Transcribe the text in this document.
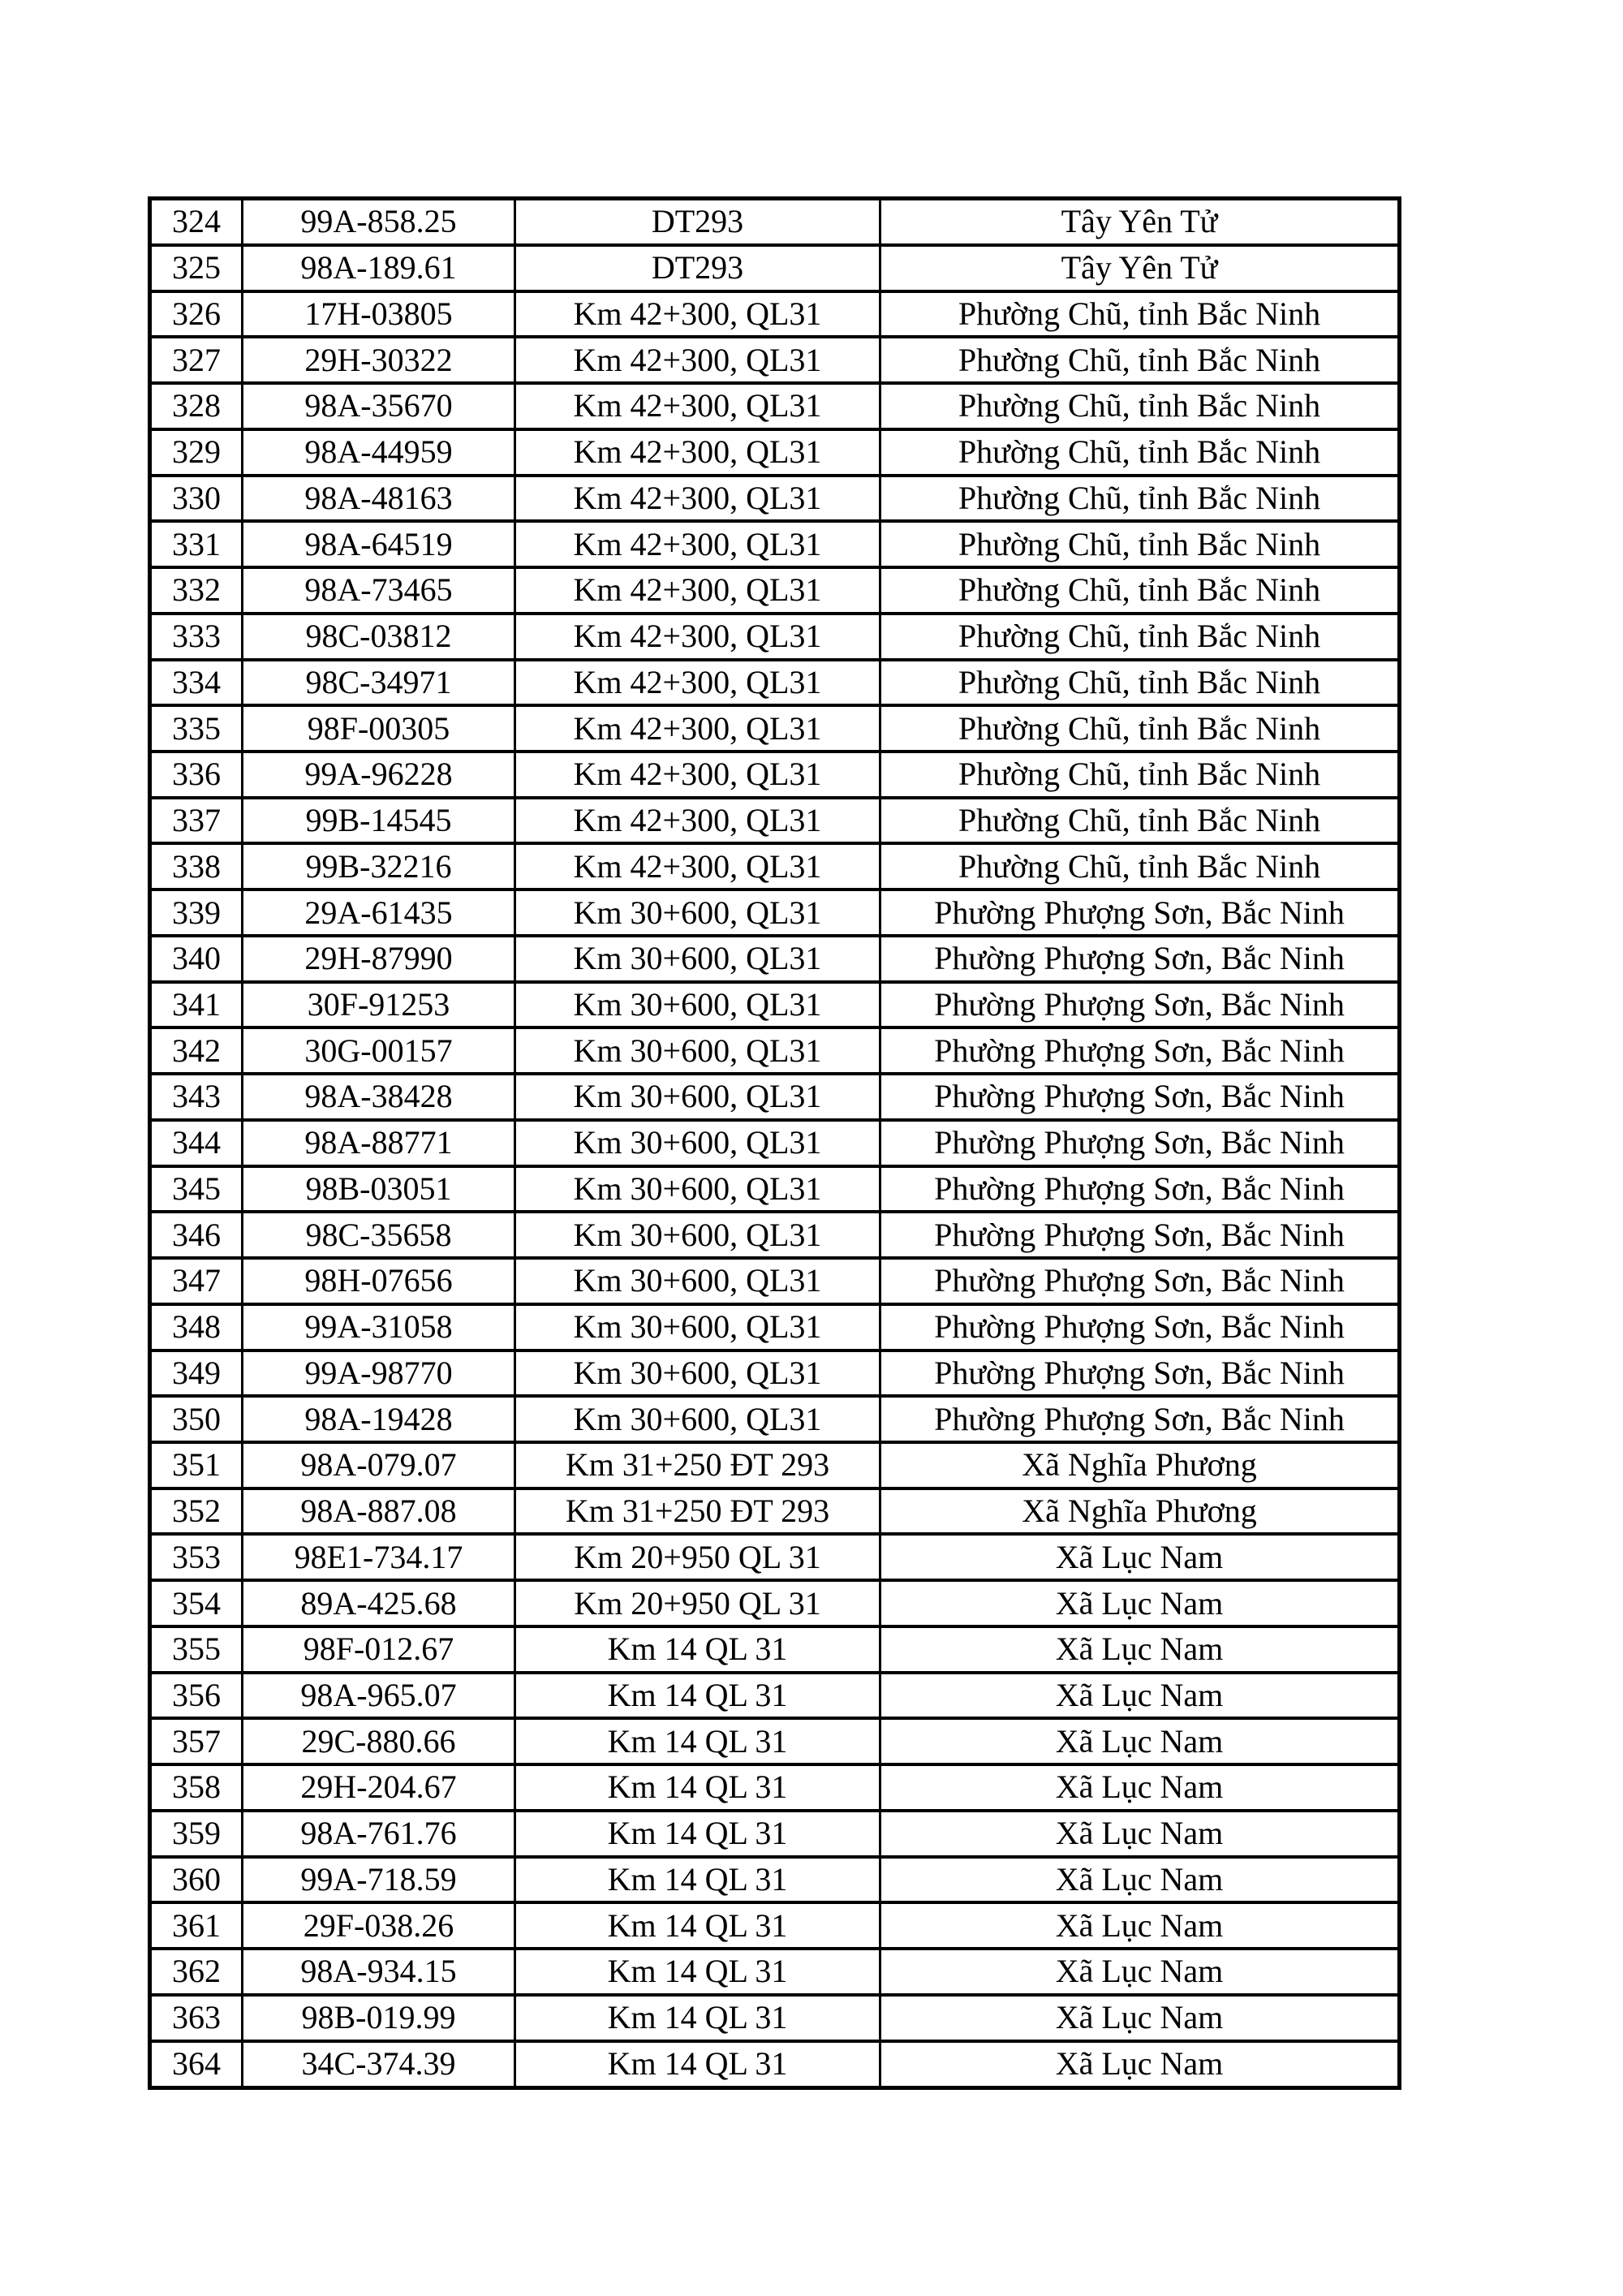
324	99A-858.25	DT293	Tây Yên Tử
325	98A-189.61	DT293	Tây Yên Tử
326	17H-03805	Km 42+300, QL31	Phường Chũ, tỉnh Bắc Ninh
327	29H-30322	Km 42+300, QL31	Phường Chũ, tỉnh Bắc Ninh
328	98A-35670	Km 42+300, QL31	Phường Chũ, tỉnh Bắc Ninh
329	98A-44959	Km 42+300, QL31	Phường Chũ, tỉnh Bắc Ninh
330	98A-48163	Km 42+300, QL31	Phường Chũ, tỉnh Bắc Ninh
331	98A-64519	Km 42+300, QL31	Phường Chũ, tỉnh Bắc Ninh
332	98A-73465	Km 42+300, QL31	Phường Chũ, tỉnh Bắc Ninh
333	98C-03812	Km 42+300, QL31	Phường Chũ, tỉnh Bắc Ninh
334	98C-34971	Km 42+300, QL31	Phường Chũ, tỉnh Bắc Ninh
335	98F-00305	Km 42+300, QL31	Phường Chũ, tỉnh Bắc Ninh
336	99A-96228	Km 42+300, QL31	Phường Chũ, tỉnh Bắc Ninh
337	99B-14545	Km 42+300, QL31	Phường Chũ, tỉnh Bắc Ninh
338	99B-32216	Km 42+300, QL31	Phường Chũ, tỉnh Bắc Ninh
339	29A-61435	Km 30+600, QL31	Phường Phượng Sơn, Bắc Ninh
340	29H-87990	Km 30+600, QL31	Phường Phượng Sơn, Bắc Ninh
341	30F-91253	Km 30+600, QL31	Phường Phượng Sơn, Bắc Ninh
342	30G-00157	Km 30+600, QL31	Phường Phượng Sơn, Bắc Ninh
343	98A-38428	Km 30+600, QL31	Phường Phượng Sơn, Bắc Ninh
344	98A-88771	Km 30+600, QL31	Phường Phượng Sơn, Bắc Ninh
345	98B-03051	Km 30+600, QL31	Phường Phượng Sơn, Bắc Ninh
346	98C-35658	Km 30+600, QL31	Phường Phượng Sơn, Bắc Ninh
347	98H-07656	Km 30+600, QL31	Phường Phượng Sơn, Bắc Ninh
348	99A-31058	Km 30+600, QL31	Phường Phượng Sơn, Bắc Ninh
349	99A-98770	Km 30+600, QL31	Phường Phượng Sơn, Bắc Ninh
350	98A-19428	Km 30+600, QL31	Phường Phượng Sơn, Bắc Ninh
351	98A-079.07	Km 31+250 ĐT 293	Xã Nghĩa Phương
352	98A-887.08	Km 31+250 ĐT 293	Xã Nghĩa Phương
353	98E1-734.17	Km 20+950 QL 31	Xã Lục Nam
354	89A-425.68	Km 20+950 QL 31	Xã Lục Nam
355	98F-012.67	Km 14 QL 31	Xã Lục Nam
356	98A-965.07	Km 14 QL 31	Xã Lục Nam
357	29C-880.66	Km 14 QL 31	Xã Lục Nam
358	29H-204.67	Km 14 QL 31	Xã Lục Nam
359	98A-761.76	Km 14 QL 31	Xã Lục Nam
360	99A-718.59	Km 14 QL 31	Xã Lục Nam
361	29F-038.26	Km 14 QL 31	Xã Lục Nam
362	98A-934.15	Km 14 QL 31	Xã Lục Nam
363	98B-019.99	Km 14 QL 31	Xã Lục Nam
364	34C-374.39	Km 14 QL 31	Xã Lục Nam
